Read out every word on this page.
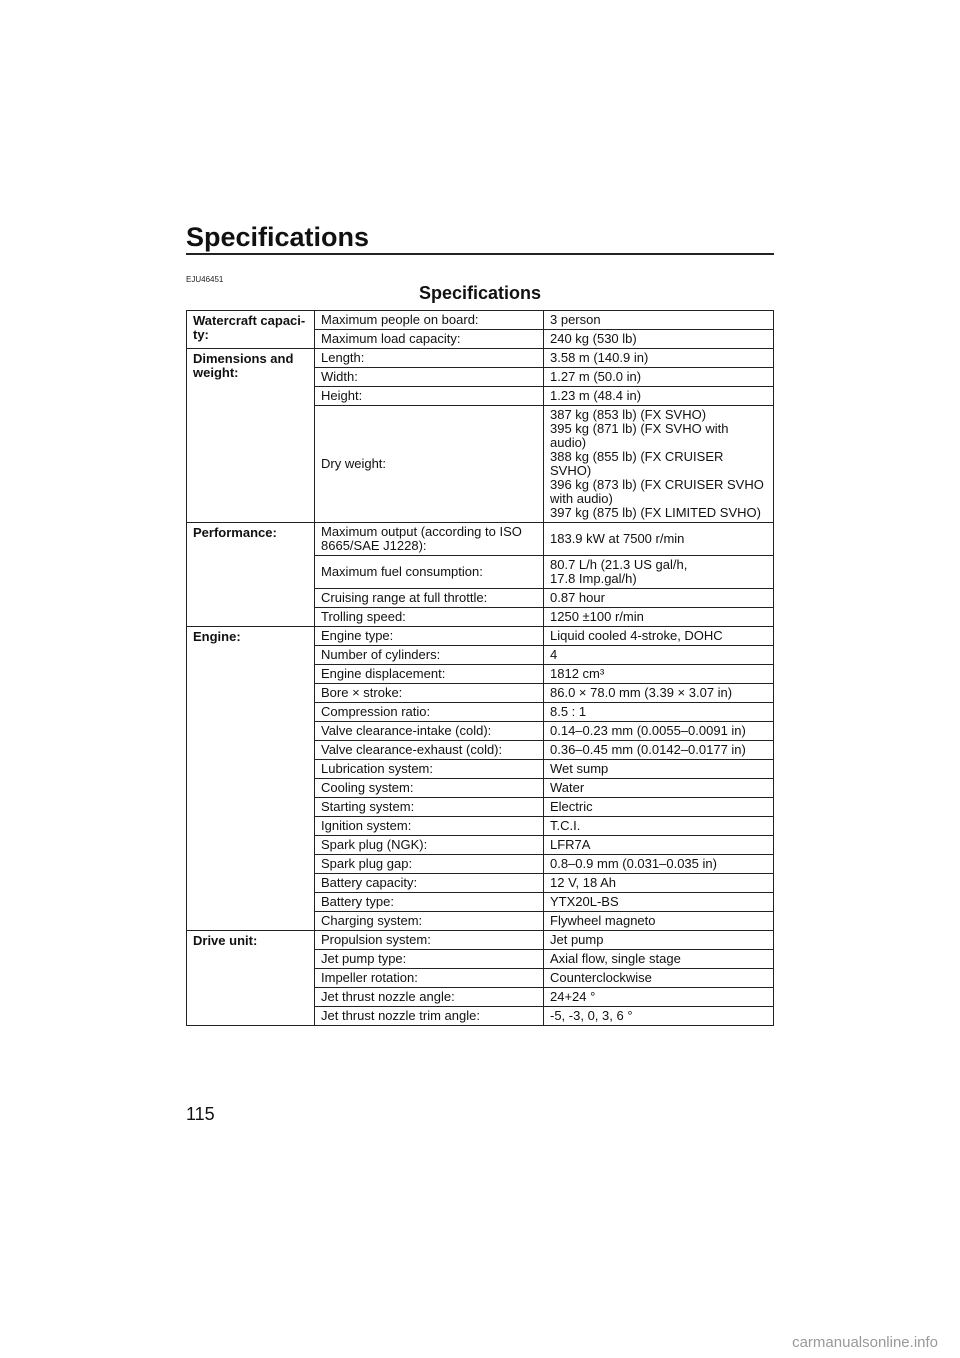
Specifications
EJU46451
Specifications
Watercraft capaci-ty:	Maximum people on board:	3 person
	Maximum load capacity:	240 kg (530 lb)
Dimensions and weight:	Length:	3.58 m (140.9 in)
	Width:	1.27 m (50.0 in)
	Height:	1.23 m (48.4 in)
	Dry weight:	387 kg (853 lb) (FX SVHO)
395 kg (871 lb) (FX SVHO with audio)
388 kg (855 lb) (FX CRUISER SVHO)
396 kg (873 lb) (FX CRUISER SVHO with audio)
397 kg (875 lb) (FX LIMITED SVHO)
Performance:	Maximum output (according to ISO 8665/SAE J1228):	183.9 kW at 7500 r/min
	Maximum fuel consumption:	80.7 L/h (21.3 US gal/h,
17.8 Imp.gal/h)
	Cruising range at full throttle:	0.87 hour
	Trolling speed:	1250 ±100 r/min
Engine:	Engine type:	Liquid cooled 4-stroke, DOHC
	Number of cylinders:	4
	Engine displacement:	1812 cm³
	Bore × stroke:	86.0 × 78.0 mm (3.39 × 3.07 in)
	Compression ratio:	8.5 : 1
	Valve clearance-intake (cold):	0.14–0.23 mm (0.0055–0.0091 in)
	Valve clearance-exhaust (cold):	0.36–0.45 mm (0.0142–0.0177 in)
	Lubrication system:	Wet sump
	Cooling system:	Water
	Starting system:	Electric
	Ignition system:	T.C.I.
	Spark plug (NGK):	LFR7A
	Spark plug gap:	0.8–0.9 mm (0.031–0.035 in)
	Battery capacity:	12 V, 18 Ah
	Battery type:	YTX20L-BS
	Charging system:	Flywheel magneto
Drive unit:	Propulsion system:	Jet pump
	Jet pump type:	Axial flow, single stage
	Impeller rotation:	Counterclockwise
	Jet thrust nozzle angle:	24+24 °
	Jet thrust nozzle trim angle:	-5, -3, 0, 3, 6 °
115
carmanualsonline.info
